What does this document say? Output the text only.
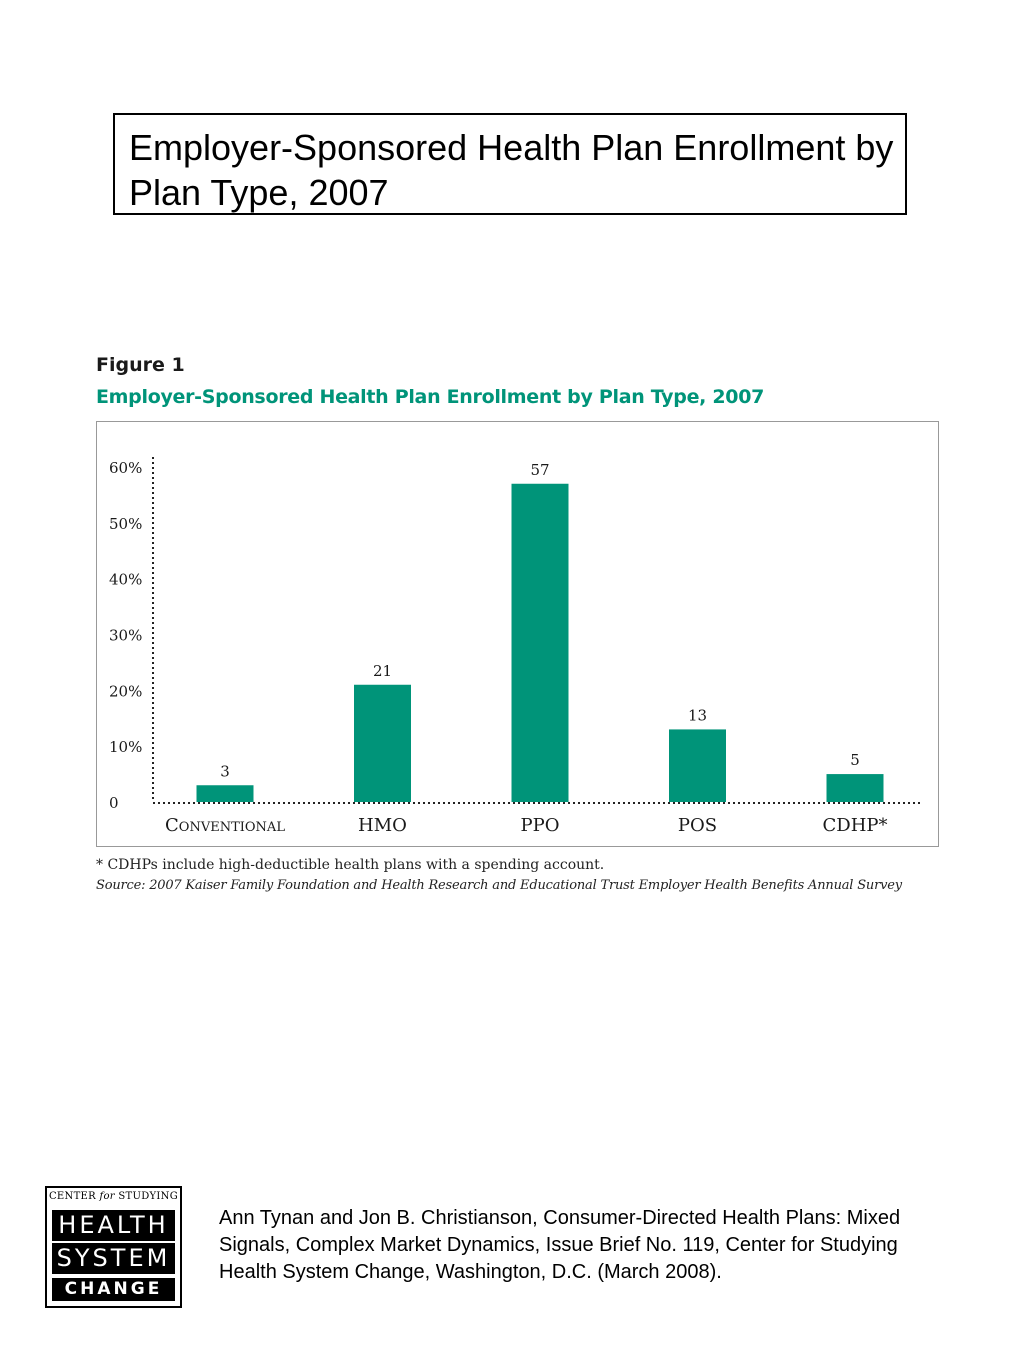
Employer-Sponsored Health Plan Enrollment by Plan Type, 2007
Figure 1
Employer-Sponsored Health Plan Enrollment by Plan Type, 2007
0
10%
20%
30%
40%
50%
60%
3
Conventional
21
HMO
57
PPO
13
POS
5
CDHP*
* CDHPs include high-deductible health plans with a spending account.
Source: 2007 Kaiser Family Foundation and Health Research and Educational Trust Employer Health Benefits Annual Survey
CENTER for STUDYING
HEALTH
SYSTEM
CHANGE
Ann Tynan and Jon B. Christianson, Consumer-Directed Health Plans: Mixed Signals, Complex Market Dynamics, Issue Brief No. 119, Center for Studying Health System Change, Washington, D.C. (March 2008).
